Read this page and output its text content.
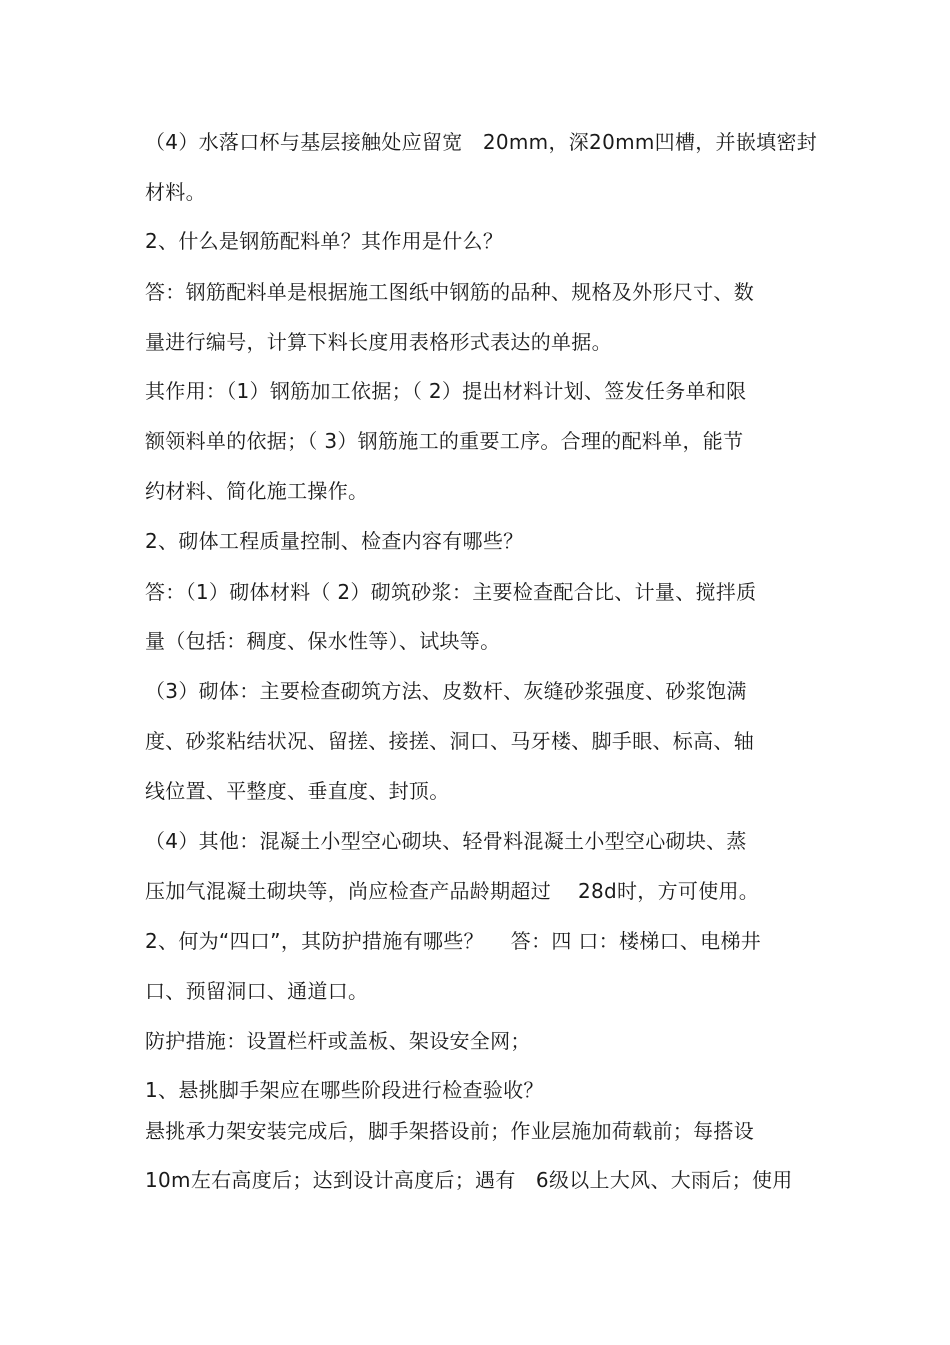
（4）水落口杯与基层接触处应留宽　20mm，深20mm凹槽，并嵌填密封
材料。
2、什么是钢筋配料单？其作用是什么？
答：钢筋配料单是根据施工图纸中钢筋的品种、规格及外形尺寸、数
量进行编号，计算下料长度用表格形式表达的单据。
其作用：（1）钢筋加工依据；（ 2）提出材料计划、签发任务单和限
额领料单的依据；（ 3）钢筋施工的重要工序。合理的配料单，能节
约材料、简化施工操作。
2、砌体工程质量控制、检查内容有哪些？
答：（1）砌体材料（ 2）砌筑砂浆：主要检查配合比、计量、搅拌质
量（包括：稠度、保水性等）、试块等。
（3）砌体：主要检查砌筑方法、皮数杆、灰缝砂浆强度、砂浆饱满
度、砂浆粘结状况、留搓、接搓、洞口、马牙楼、脚手眼、标高、轴
线位置、平整度、垂直度、封顶。
（4）其他：混凝土小型空心砌块、轻骨料混凝土小型空心砌块、蒸
压加气混凝土砌块等，尚应检查产品龄期超过　 28d时，方可使用。
2、何为“四口”，其防护措施有哪些？　 答：四 口：楼梯口、电梯井
口、预留洞口、通道口。
防护措施：设置栏杆或盖板、架设安全网；
1、悬挑脚手架应在哪些阶段进行检查验收？
悬挑承力架安装完成后，脚手架搭设前；作业层施加荷载前；每搭设
10m左右高度后；达到设计高度后；遇有　6级以上大风、大雨后；使用
